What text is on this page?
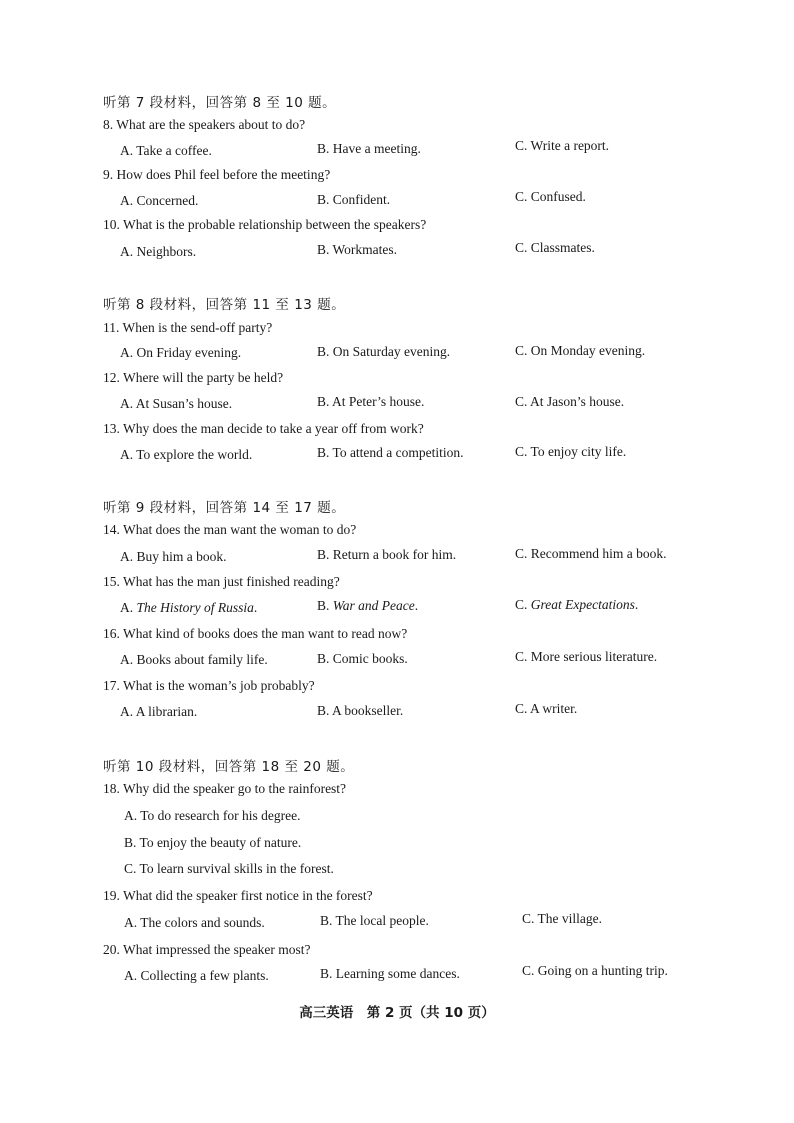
听第 7 段材料，回答第 8 至 10 题。
8. What are the speakers about to do?
A. Take a coffee.	B. Have a meeting.	C. Write a report.
9. How does Phil feel before the meeting?
A. Concerned.	B. Confident.	C. Confused.
10. What is the probable relationship between the speakers?
A. Neighbors.	B. Workmates.	C. Classmates.
听第 8 段材料，回答第 11 至 13 题。
11. When is the send-off party?
A. On Friday evening.	B. On Saturday evening.	C. On Monday evening.
12. Where will the party be held?
A. At Susan’s house.	B. At Peter’s house.	C. At Jason’s house.
13. Why does the man decide to take a year off from work?
A. To explore the world.	B. To attend a competition.	C. To enjoy city life.
听第 9 段材料，回答第 14 至 17 题。
14. What does the man want the woman to do?
A. Buy him a book.	B. Return a book for him.	C. Recommend him a book.
15. What has the man just finished reading?
A. The History of Russia.	B. War and Peace.	C. Great Expectations.
16. What kind of books does the man want to read now?
A. Books about family life.	B. Comic books.	C. More serious literature.
17. What is the woman’s job probably?
A. A librarian.	B. A bookseller.	C. A writer.
听第 10 段材料，回答第 18 至 20 题。
18. Why did the speaker go to the rainforest?
A. To do research for his degree.
B. To enjoy the beauty of nature.
C. To learn survival skills in the forest.
19. What did the speaker first notice in the forest?
A. The colors and sounds.	B. The local people.	C. The village.
20. What impressed the speaker most?
A. Collecting a few plants.	B. Learning some dances.	C. Going on a hunting trip.
高三英语　第 2 页（共 10 页）
